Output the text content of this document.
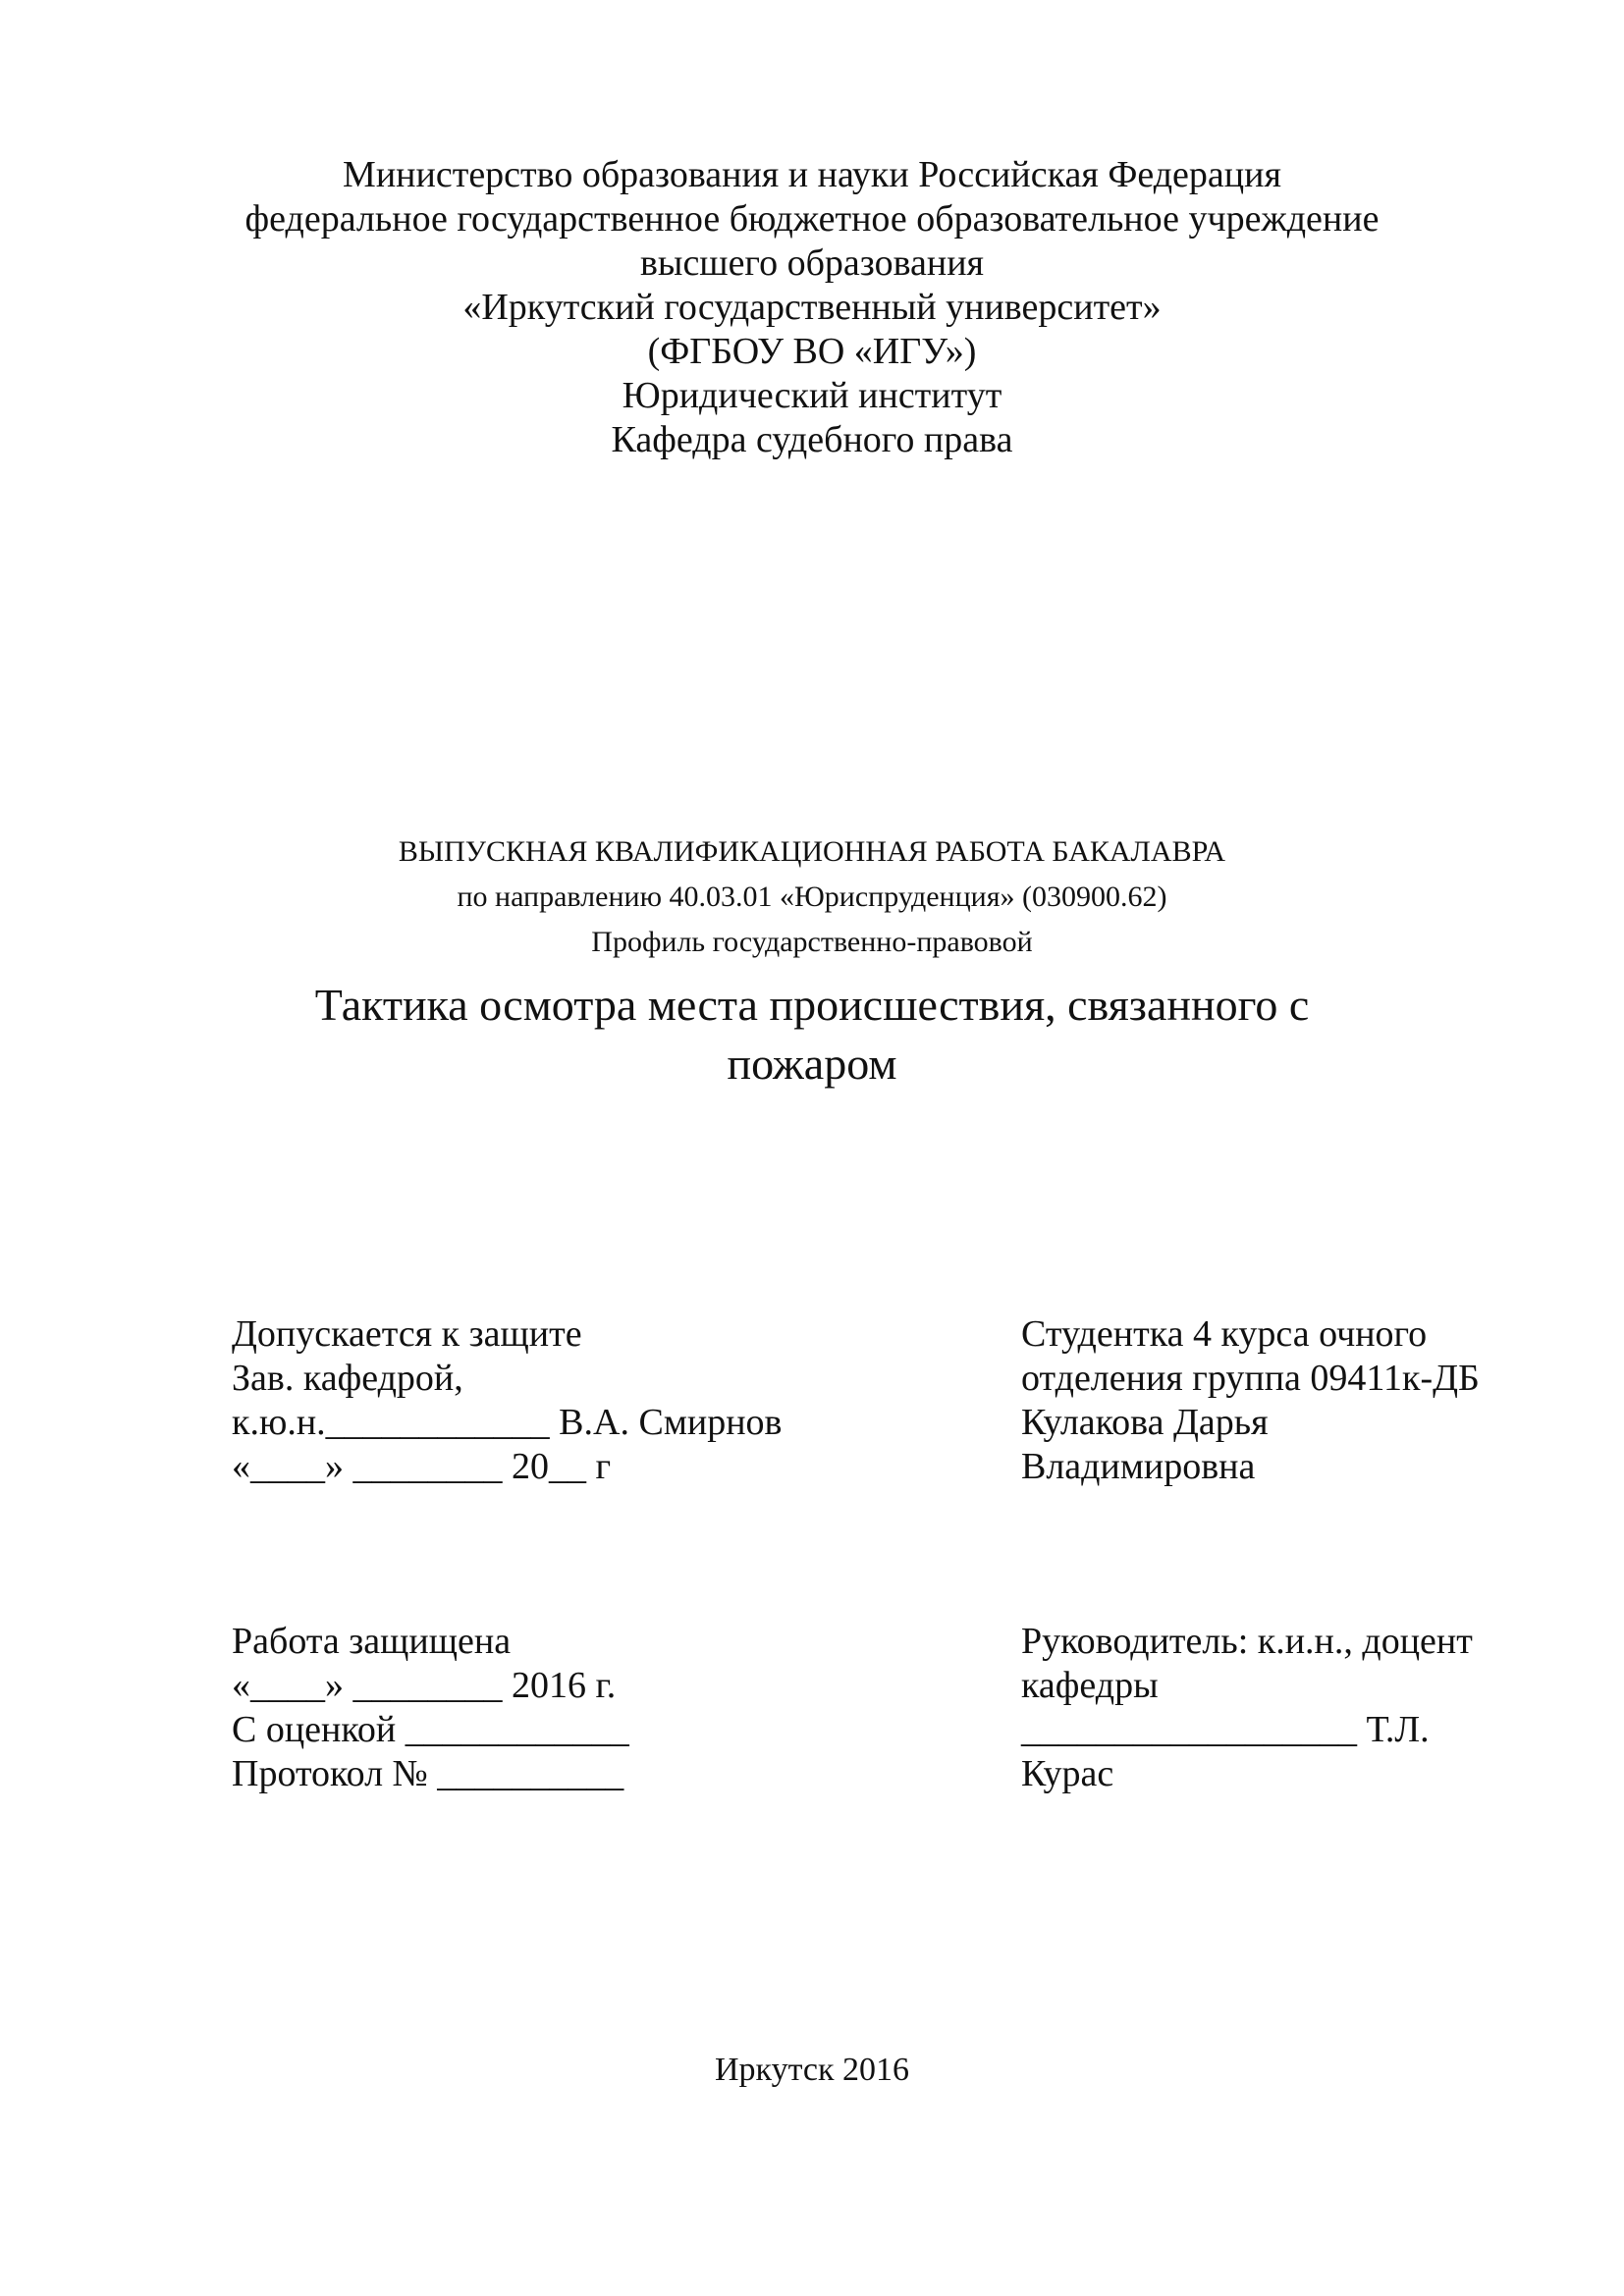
Министерство образования и науки Российская Федерация
федеральное государственное бюджетное образовательное учреждение
высшего образования
«Иркутский государственный университет»
(ФГБОУ ВО «ИГУ»)
Юридический институт
Кафедра судебного права
ВЫПУСКНАЯ КВАЛИФИКАЦИОННАЯ РАБОТА БАКАЛАВРА
по направлению 40.03.01 «Юриспруденция» (030900.62)
Профиль государственно-правовой
Тактика осмотра места происшествия, связанного с
пожаром
Допускается к защите
Зав. кафедрой,
к.ю.н.____________ В.А. Смирнов
«____» ________ 20__ г
Студентка 4 курса очного
отделения группа 09411к-ДБ
Кулакова Дарья
Владимировна
Работа защищена
«____» ________ 2016 г.
С оценкой ____________
Протокол № __________
Руководитель: к.и.н., доцент
кафедры
__________________ Т.Л.
Курас
Иркутск 2016
